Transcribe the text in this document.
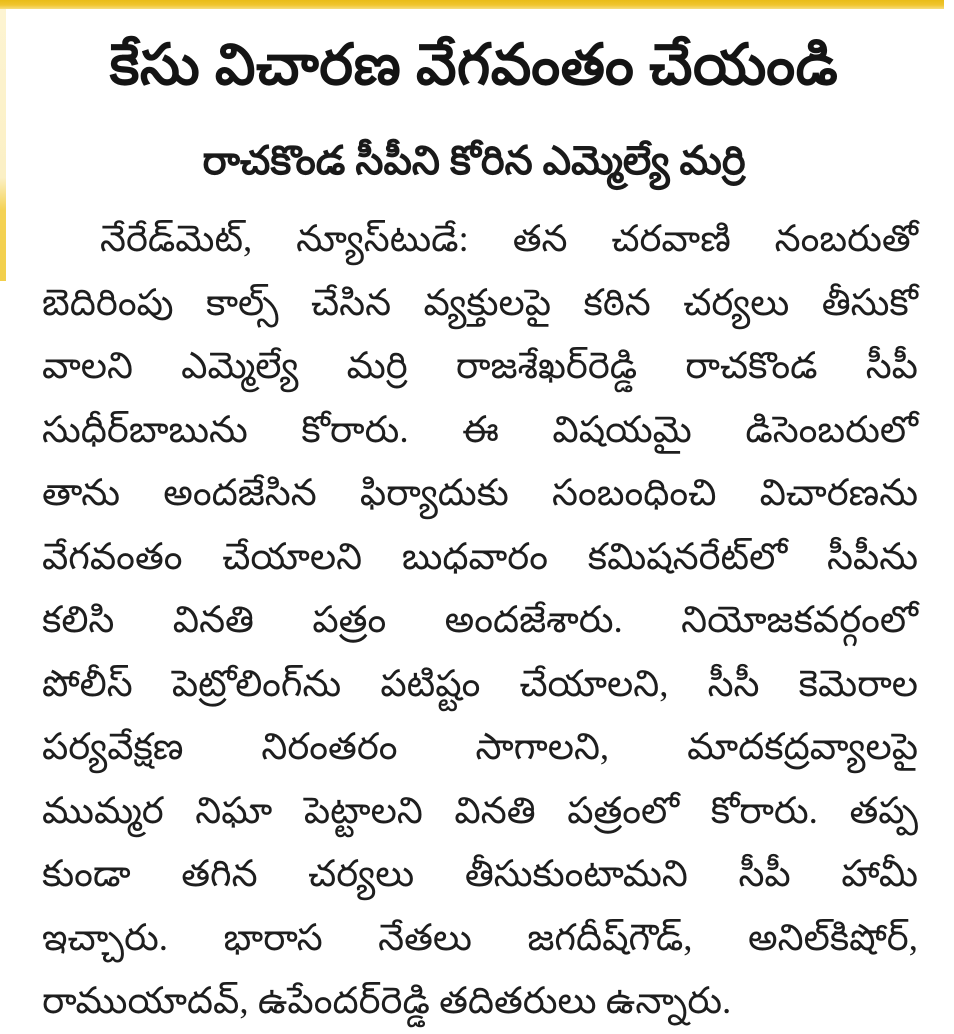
కేసు విచారణ వేగవంతం చేయండి
రాచకొండ సీపీని కోరిన ఎమ్మెల్యే మర్రి
నేరేడ్‌మెట్, న్యూస్‌టుడే: తన చరవాణి నంబరుతో
బెదిరింపు కాల్స్ చేసిన వ్యక్తులపై కఠిన చర్యలు తీసుకో
వాలని ఎమ్మెల్యే మర్రి రాజశేఖర్‌రెడ్డి రాచకొండ సీపీ
సుధీర్‌బాబును కోరారు. ఈ విషయమై డిసెంబరులో
తాను అందజేసిన ఫిర్యాదుకు సంబంధించి విచారణను
వేగవంతం చేయాలని బుధవారం కమిషనరేట్‌లో సీపీను
కలిసి వినతి పత్రం అందజేశారు. నియోజకవర్గంలో
పోలీస్ పెట్రోలింగ్‌ను పటిష్టం చేయాలని, సీసీ కెమెరాల
పర్యవేక్షణ నిరంతరం సాగాలని, మాదకద్రవ్యాలపై
ముమ్మర నిఘా పెట్టాలని వినతి పత్రంలో కోరారు. తప్ప
కుండా తగిన చర్యలు తీసుకుంటామని సీపీ హామీ
ఇచ్చారు. భారాస నేతలు జగదీష్‌గౌడ్, అనిల్‌కిషోర్,
రాముయాదవ్, ఉపేందర్‌రెడ్డి తదితరులు ఉన్నారు.
